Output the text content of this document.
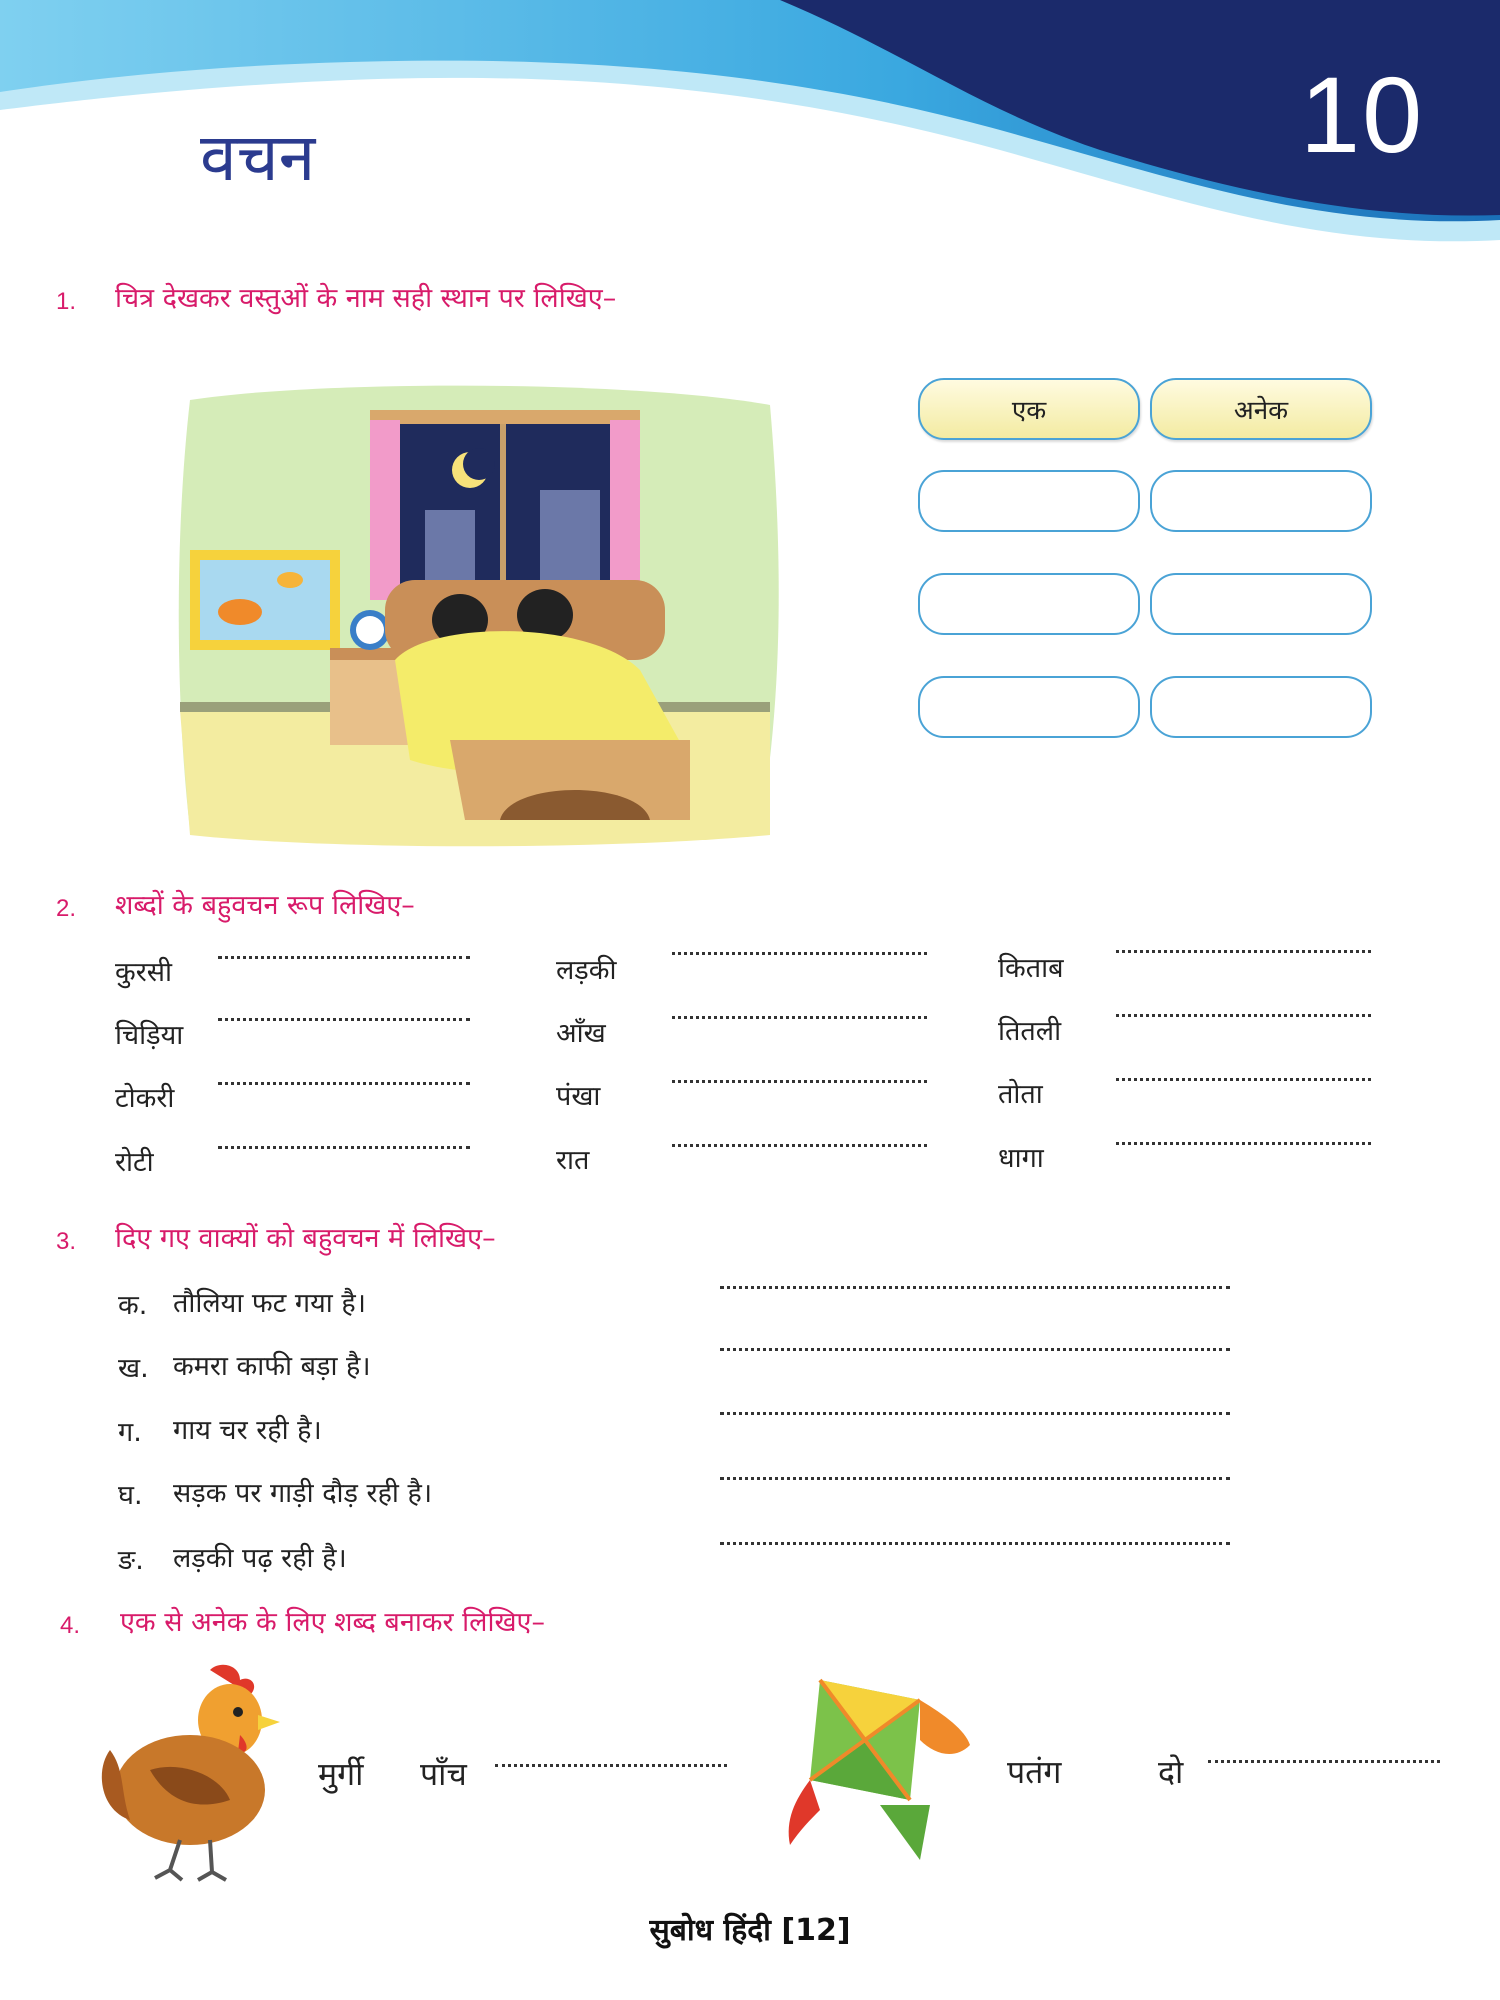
वचन	10
1. चित्र देखकर वस्तुओं के नाम सही स्थान पर लिखिए–
एक	अनेक
2. शब्दों के बहुवचन रूप लिखिए–
कुरसी	लड़की	किताब
चिड़िया	आँख	तितली
टोकरी	पंखा	तोता
रोटी	रात	धागा
3. दिए गए वाक्यों को बहुवचन में लिखिए–
क. तौलिया फट गया है।
ख. कमरा काफी बड़ा है।
ग. गाय चर रही है।
घ. सड़क पर गाड़ी दौड़ रही है।
ङ. लड़की पढ़ रही है।
4. एक से अनेक के लिए शब्द बनाकर लिखिए–
मुर्गी पाँच	पतंग	दो
सुबोध हिंदी [12]
